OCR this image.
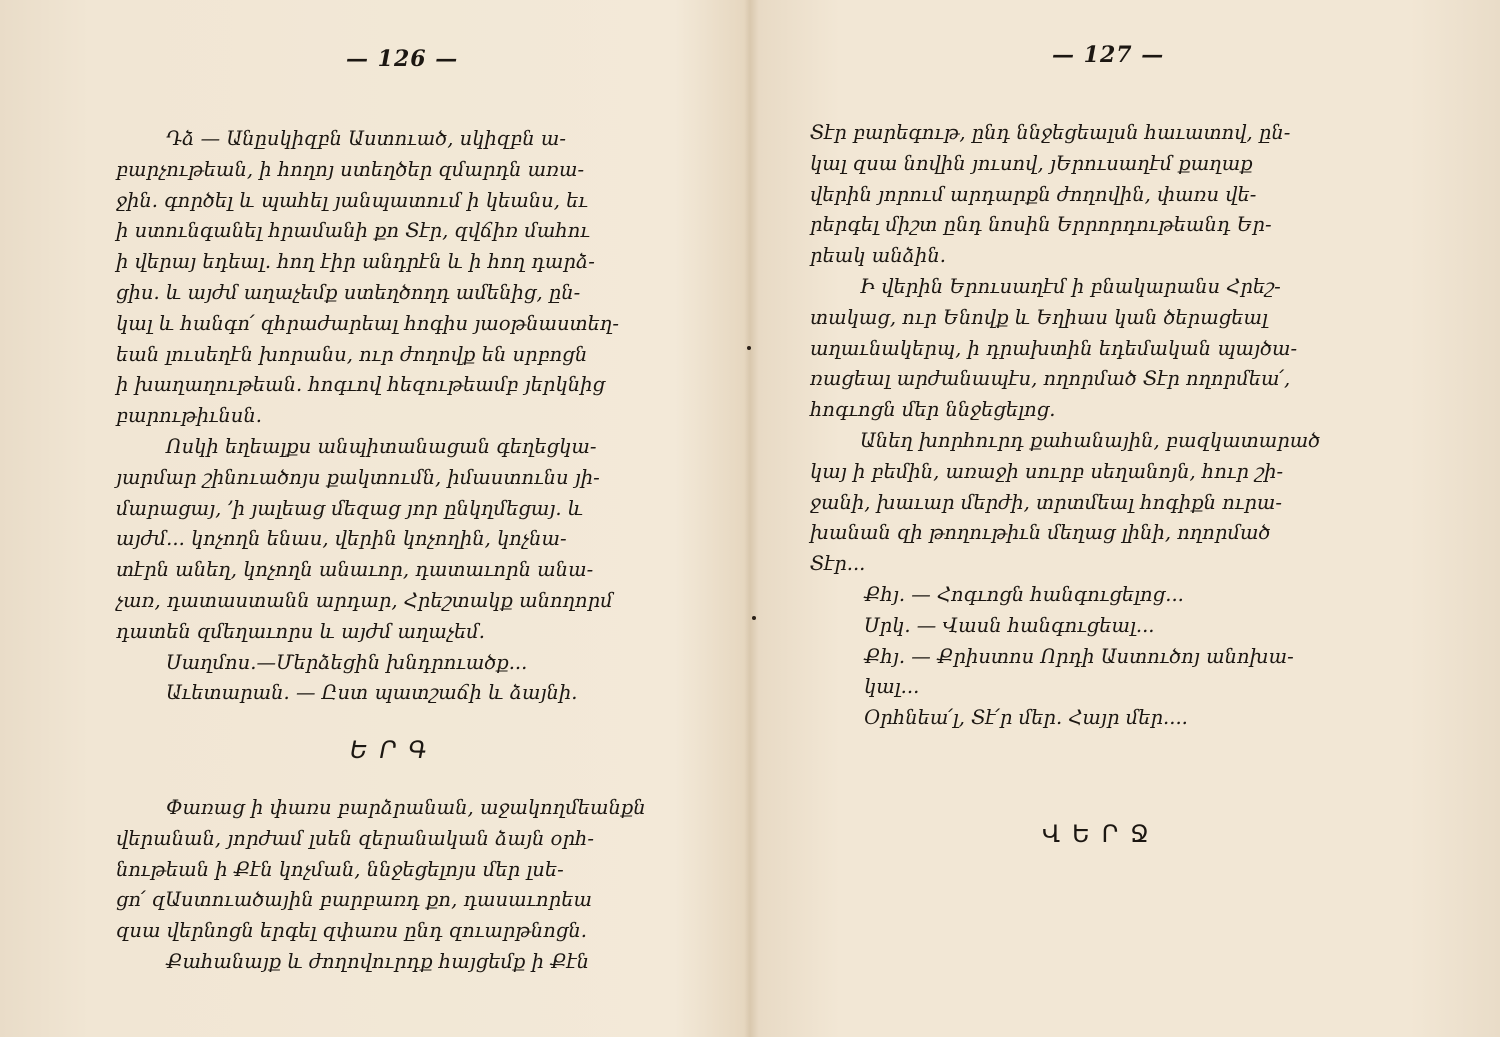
— 126 —

Դձ — Անըսկիզբն Աստուած, սկիզբն ա-
բարչութեան, ի հողոյ ստեղծեր զմարդն առա-
ջին. գործել և պահել յանպատում ի կեանս, եւ
ի ստունգանել հրամանի քո Տէր, զվճիռ մահու
ի վերայ եդեալ. հող էիր անդրէն և ի հող դարձ-
ցիս. և այժմ աղաչեմք ստեղծողդ ամենից, ըն-
կալ և հանգո՛ զհրաժարեալ հոգիս յաօթնաստեղ-
եան լուսեղէն խորանս, ուր ժողովք են սրբոցն
ի խաղաղութեան. հոգւով հեզութեամբ յերկնից
բարութիւնսն.

Ոսկի եղեալքս անպիտանացան գեղեցկա-
յարմար շինուածոյս քակտումն, իմաստունս յի-
մարացայ, ՚ի յալեաց մեզաց յոր ընկղմեցայ. և
այժմ... կոչողն ենաս, վերին կոչողին, կոչնա-
տէրն անեղ, կոչողն անաւոր, դատաւորն անա-
չառ, դատաստանն արդար, Հրեշտակք անողորմ
դատեն զմեղաւորս և այժմ աղաչեմ.

Սաղմոս.—Մերձեցին խնդրուածք...

Աւետարան. — Ըստ պատշաճի և ձայնի.

ԵՐԳ

Փառաց ի փառս բարձրանան, աջակողմեանքն
վերանան, յորժամ լսեն զերանական ձայն օրհ-
նութեան ի Քէն կոչման, ննջեցելոյս մեր լսե-
ցո՛ զԱստուածային բարբառդ քո, դասաւորեա
զսա վերնոցն երգել զփառս ընդ զուարթնոցն.

Քահանայք և ժողովուրդք հայցեմք ի Քէն

— 127 —

Տէր բարեգութ, ընդ ննջեցեալսն հաւատով, ըն-
կալ զսա նովին յուսով, յԵրուսաղէմ քաղաք
վերին յորում արդարքն ժողովին, փառս վե-
րերգել միշտ ընդ նոսին Երրորդութեանդ Եր-
րեակ անձին.

Ի վերին Երուսաղէմ ի բնակարանս Հրեշ-
տակաց, ուր Ենովք և Եղիաս կան ծերացեալ
աղաւնակերպ, ի դրախտին եդեմական պայծա-
ռացեալ արժանապէս, ողորմած Տէր ողորմեա՛,
հոգւոցն մեր ննջեցելոց.

Անեղ խորհուրդ քահանային, բազկատարած
կայ ի բեմին, առաջի սուրբ սեղանոյն, հուր շի-
ջանի, խաւար մերժի, տրտմեալ հոգիքն ուրա-
խանան զի թողութիւն մեղաց լինի, ողորմած
Տէր...

Քհյ. — Հոգւոցն հանգուցելոց...

Սրկ. — Վասն հանգուցեալ...

Քհյ. — Քրիստոս Որդի Աստուծոյ անոխա-
կալ...

Օրհնեա՛լ, Տէ՛ր մեր. Հայր մեր....

ՎԵՐՋ
